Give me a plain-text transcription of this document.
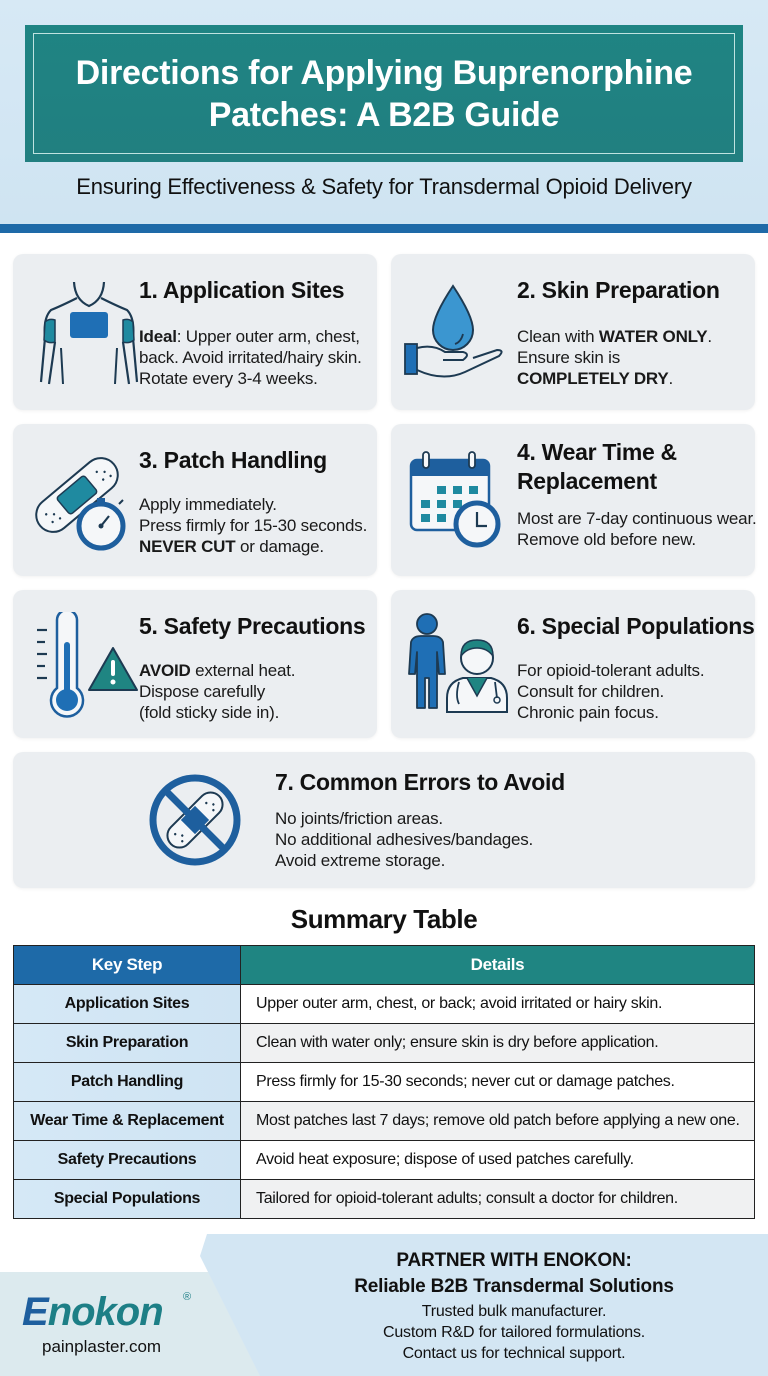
Directions for Applying Buprenorphine Patches: A B2B Guide
Ensuring Effectiveness & Safety for Transdermal Opioid Delivery
1. Application Sites
Ideal: Upper outer arm, chest,
back. Avoid irritated/hairy skin.
Rotate every 3-4 weeks.
2. Skin Preparation
Clean with WATER ONLY.
Ensure skin is
COMPLETELY DRY.
3. Patch Handling
Apply immediately.
Press firmly for 15-30 seconds.
NEVER CUT or damage.
4. Wear Time &
Replacement
Most are 7-day continuous wear.
Remove old before new.
5. Safety Precautions
AVOID external heat.
Dispose carefully
(fold sticky side in).
6. Special Populations
For opioid-tolerant adults.
Consult for children.
Chronic pain focus.
7. Common Errors to Avoid
No joints/friction areas.
No additional adhesives/bandages.
Avoid extreme storage.
Summary Table
Key Step	Details
Application Sites	Upper outer arm, chest, or back; avoid irritated or hairy skin.
Skin Preparation	Clean with water only; ensure skin is dry before application.
Patch Handling	Press firmly for 15-30 seconds; never cut or damage patches.
Wear Time & Replacement	Most patches last 7 days; remove old patch before applying a new one.
Safety Precautions	Avoid heat exposure; dispose of used patches carefully.
Special Populations	Tailored for opioid-tolerant adults; consult a doctor for children.
Enokon ®
painplaster.com
PARTNER WITH ENOKON:
Reliable B2B Transdermal Solutions
Trusted bulk manufacturer.
Custom R&D for tailored formulations.
Contact us for technical support.
